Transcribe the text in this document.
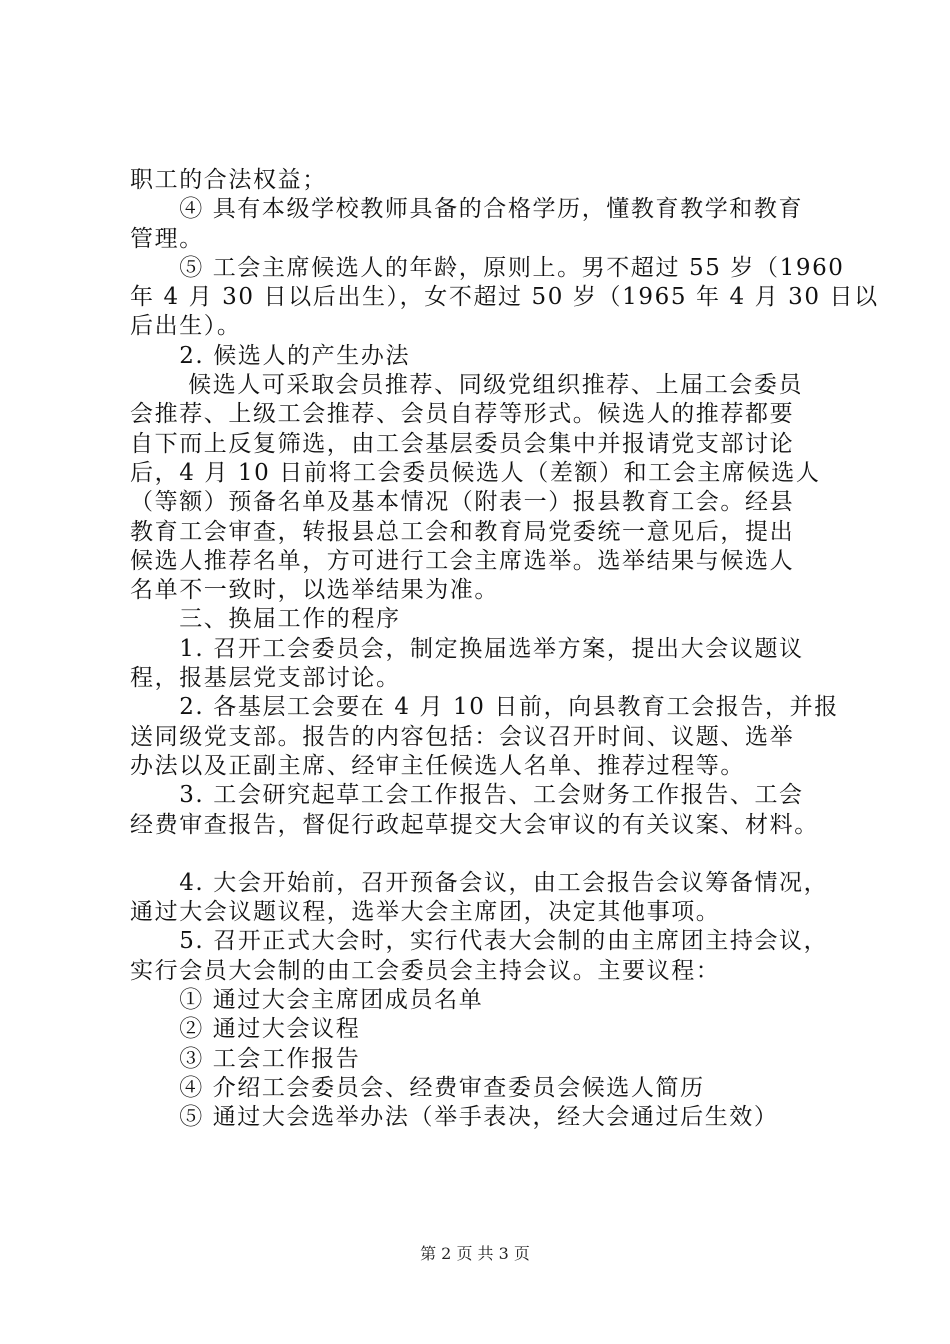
职工的合法权益；

　　④ 具有本级学校教师具备的合格学历，懂教育教学和教育

管理。

　　⑤ 工会主席候选人的年龄，原则上。男不超过 55 岁（1960

年 4 月 30 日以后出生），女不超过 50 岁（1965 年 4 月 30 日以

后出生）。

　　2. 候选人的产生办法

　　 候选人可采取会员推荐、同级党组织推荐、上届工会委员

会推荐、上级工会推荐、会员自荐等形式。候选人的推荐都要

自下而上反复筛选，由工会基层委员会集中并报请党支部讨论

后，4 月 10 日前将工会委员候选人（差额）和工会主席候选人

（等额）预备名单及基本情况（附表一）报县教育工会。经县

教育工会审查，转报县总工会和教育局党委统一意见后，提出

候选人推荐名单，方可进行工会主席选举。选举结果与候选人

名单不一致时，以选举结果为准。

　　三、换届工作的程序

　　1. 召开工会委员会，制定换届选举方案，提出大会议题议

程，报基层党支部讨论。

　　2. 各基层工会要在 4 月 10 日前，向县教育工会报告，并报

送同级党支部。报告的内容包括：会议召开时间、议题、选举

办法以及正副主席、经审主任候选人名单、推荐过程等。

　　3. 工会研究起草工会工作报告、工会财务工作报告、工会

经费审查报告，督促行政起草提交大会审议的有关议案、材料。

　　4. 大会开始前，召开预备会议，由工会报告会议筹备情况，

通过大会议题议程，选举大会主席团，决定其他事项。

　　5. 召开正式大会时，实行代表大会制的由主席团主持会议，

实行会员大会制的由工会委员会主持会议。主要议程：

　　① 通过大会主席团成员名单

　　② 通过大会议程

　　③ 工会工作报告

　　④ 介绍工会委员会、经费审查委员会候选人简历

　　⑤ 通过大会选举办法（举手表决，经大会通过后生效）

第 2 页 共 3 页
